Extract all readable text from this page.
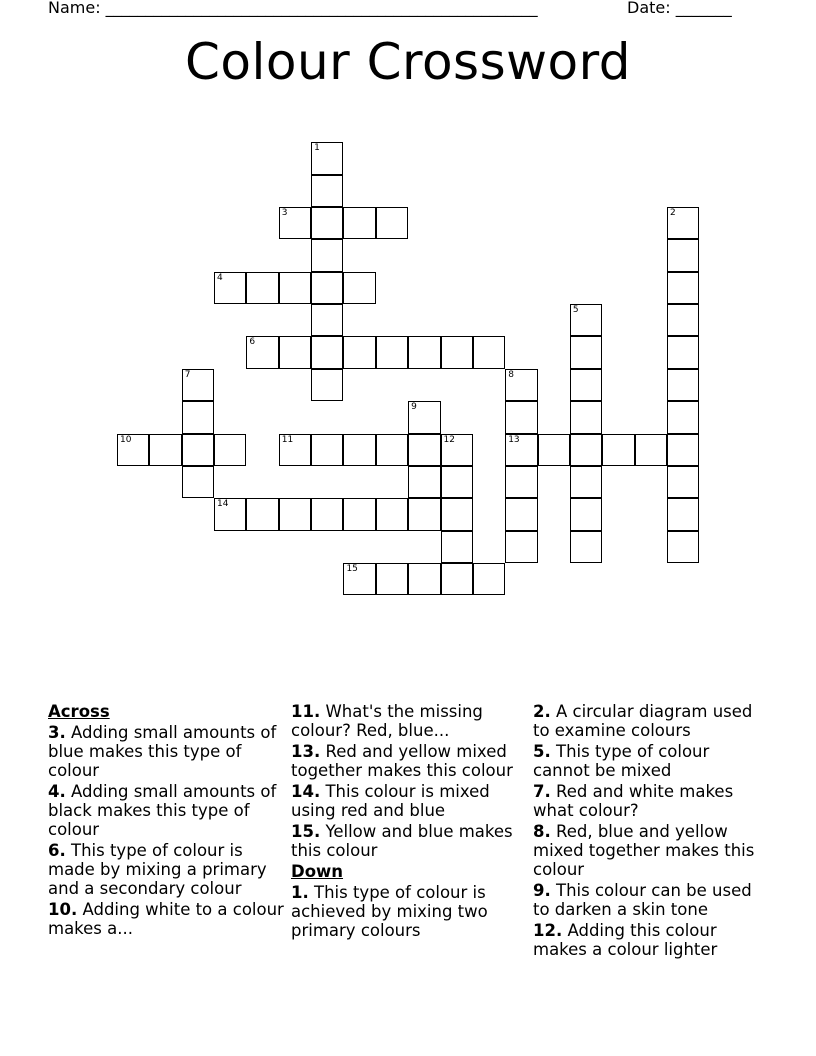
Name: ______________________________________________________	Date: _______
Colour Crossword
1
3
4
6
2
5
7	8
13
9
10	11	12
14
15
Across
3. Adding small amounts of blue makes this type of colour
4. Adding small amounts of black makes this type of colour
6. This type of colour is made by mixing a primary and a secondary colour
10. Adding white to a colour makes a...
11. What's the missing colour? Red, blue...
13. Red and yellow mixed together makes this colour
14. This colour is mixed using red and blue
15. Yellow and blue makes this colour
Down
1. This type of colour is achieved by mixing two primary colours
2. A circular diagram used to examine colours
5. This type of colour cannot be mixed
7. Red and white makes what colour?
8. Red, blue and yellow mixed together makes this colour
9. This colour can be used to darken a skin tone
12. Adding this colour makes a colour lighter
